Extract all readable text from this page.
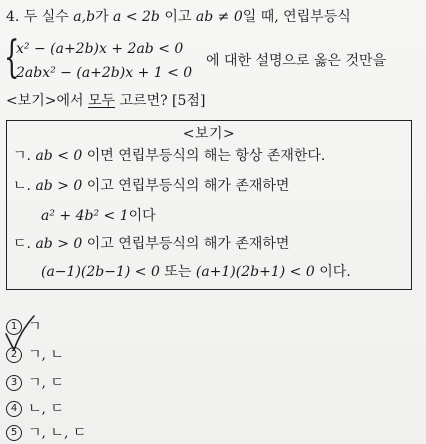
4. 두 실수 a,b가 a < 2b 이고 ab ≠ 0일 때, 연립부등식
{
x² − (a+2b)x + 2ab < 0
2abx² − (a+2b)x + 1 < 0
에 대한 설명으로 옳은 것만을
<보기>에서 모두 고르면? [5점]
<보기>
ㄱ. ab < 0 이면 연립부등식의 해는 항상 존재한다.
ㄴ. ab > 0 이고 연립부등식의 해가 존재하면
a² + 4b² < 1이다
ㄷ. ab > 0 이고 연립부등식의 해가 존재하면
(a−1)(2b−1) < 0 또는 (a+1)(2b+1) < 0 이다.
1 ㄱ
2 ㄱ, ㄴ
3 ㄱ, ㄷ
4 ㄴ, ㄷ
5 ㄱ, ㄴ, ㄷ
